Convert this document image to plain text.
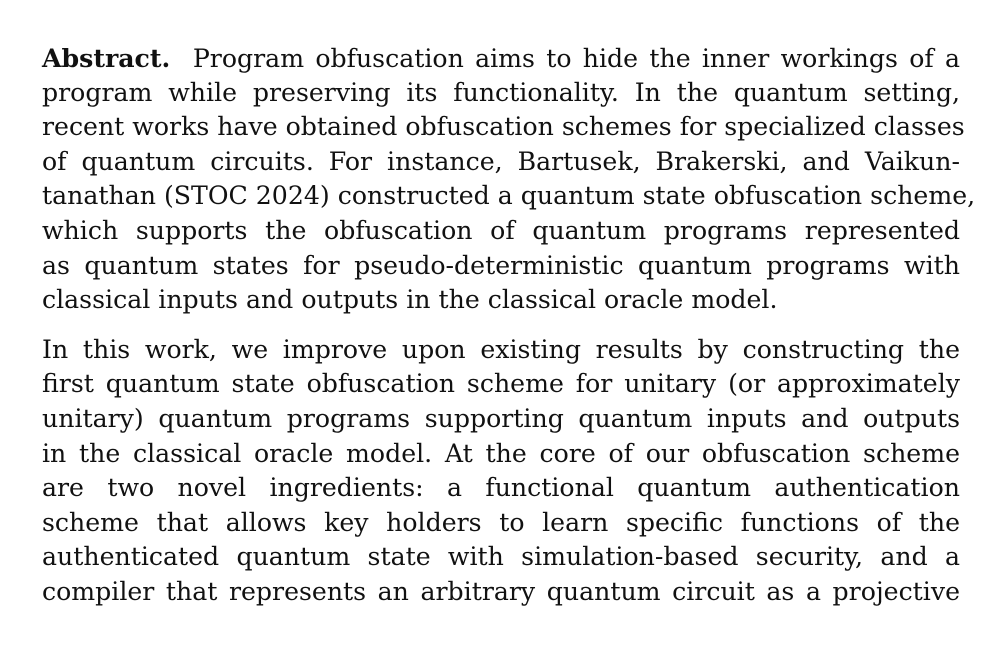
Abstract. Program obfuscation aims to hide the inner workings of a
program while preserving its functionality. In the quantum setting,
recent works have obtained obfuscation schemes for specialized classes
of quantum circuits. For instance, Bartusek, Brakerski, and Vaikun-
tanathan (STOC 2024) constructed a quantum state obfuscation scheme,
which supports the obfuscation of quantum programs represented
as quantum states for pseudo-deterministic quantum programs with
classical inputs and outputs in the classical oracle model.
In this work, we improve upon existing results by constructing the
first quantum state obfuscation scheme for unitary (or approximately
unitary) quantum programs supporting quantum inputs and outputs
in the classical oracle model. At the core of our obfuscation scheme
are two novel ingredients: a functional quantum authentication
scheme that allows key holders to learn specific functions of the
authenticated quantum state with simulation-based security, and a
compiler that represents an arbitrary quantum circuit as a projective
